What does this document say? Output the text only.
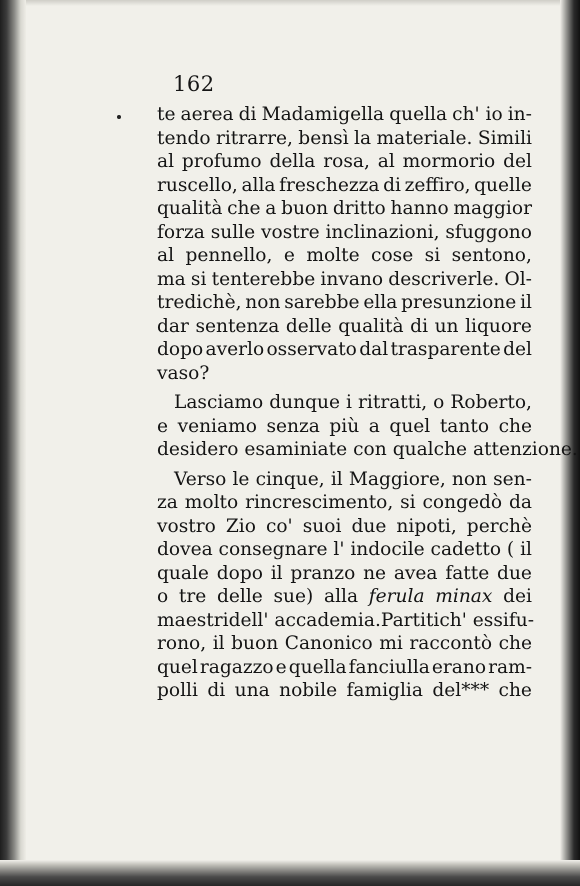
162
te aerea di Madamigella quella ch' io in-
tendo ritrarre, bensì la materiale. Simili
al profumo della rosa, al mormorio del
ruscello, alla freschezza di zeffiro, quelle
qualità che a buon dritto hanno maggior
forza sulle vostre inclinazioni, sfuggono
al pennello, e molte cose si sentono,
ma si tenterebbe invano descriverle. Ol-
tredichè, non sarebbe ella presunzione il
dar sentenza delle qualità di un liquore
dopo averlo osservato dal trasparente del
vaso?
Lasciamo dunque i ritratti, o Roberto,
e veniamo senza più a quel tanto che
desidero esaminiate con qualche attenzione.
Verso le cinque, il Maggiore, non sen-
za molto rincrescimento, si congedò da
vostro Zio co' suoi due nipoti, perchè
dovea consegnare l' indocile cadetto ( il
quale dopo il pranzo ne avea fatte due
o tre delle sue) alla ferula minax dei
maestri dell' accademia. Partiti ch' essi fu-
rono, il buon Canonico mi raccontò che
quel ragazzo e quella fanciulla erano ram-
polli di una nobile famiglia del*** che
